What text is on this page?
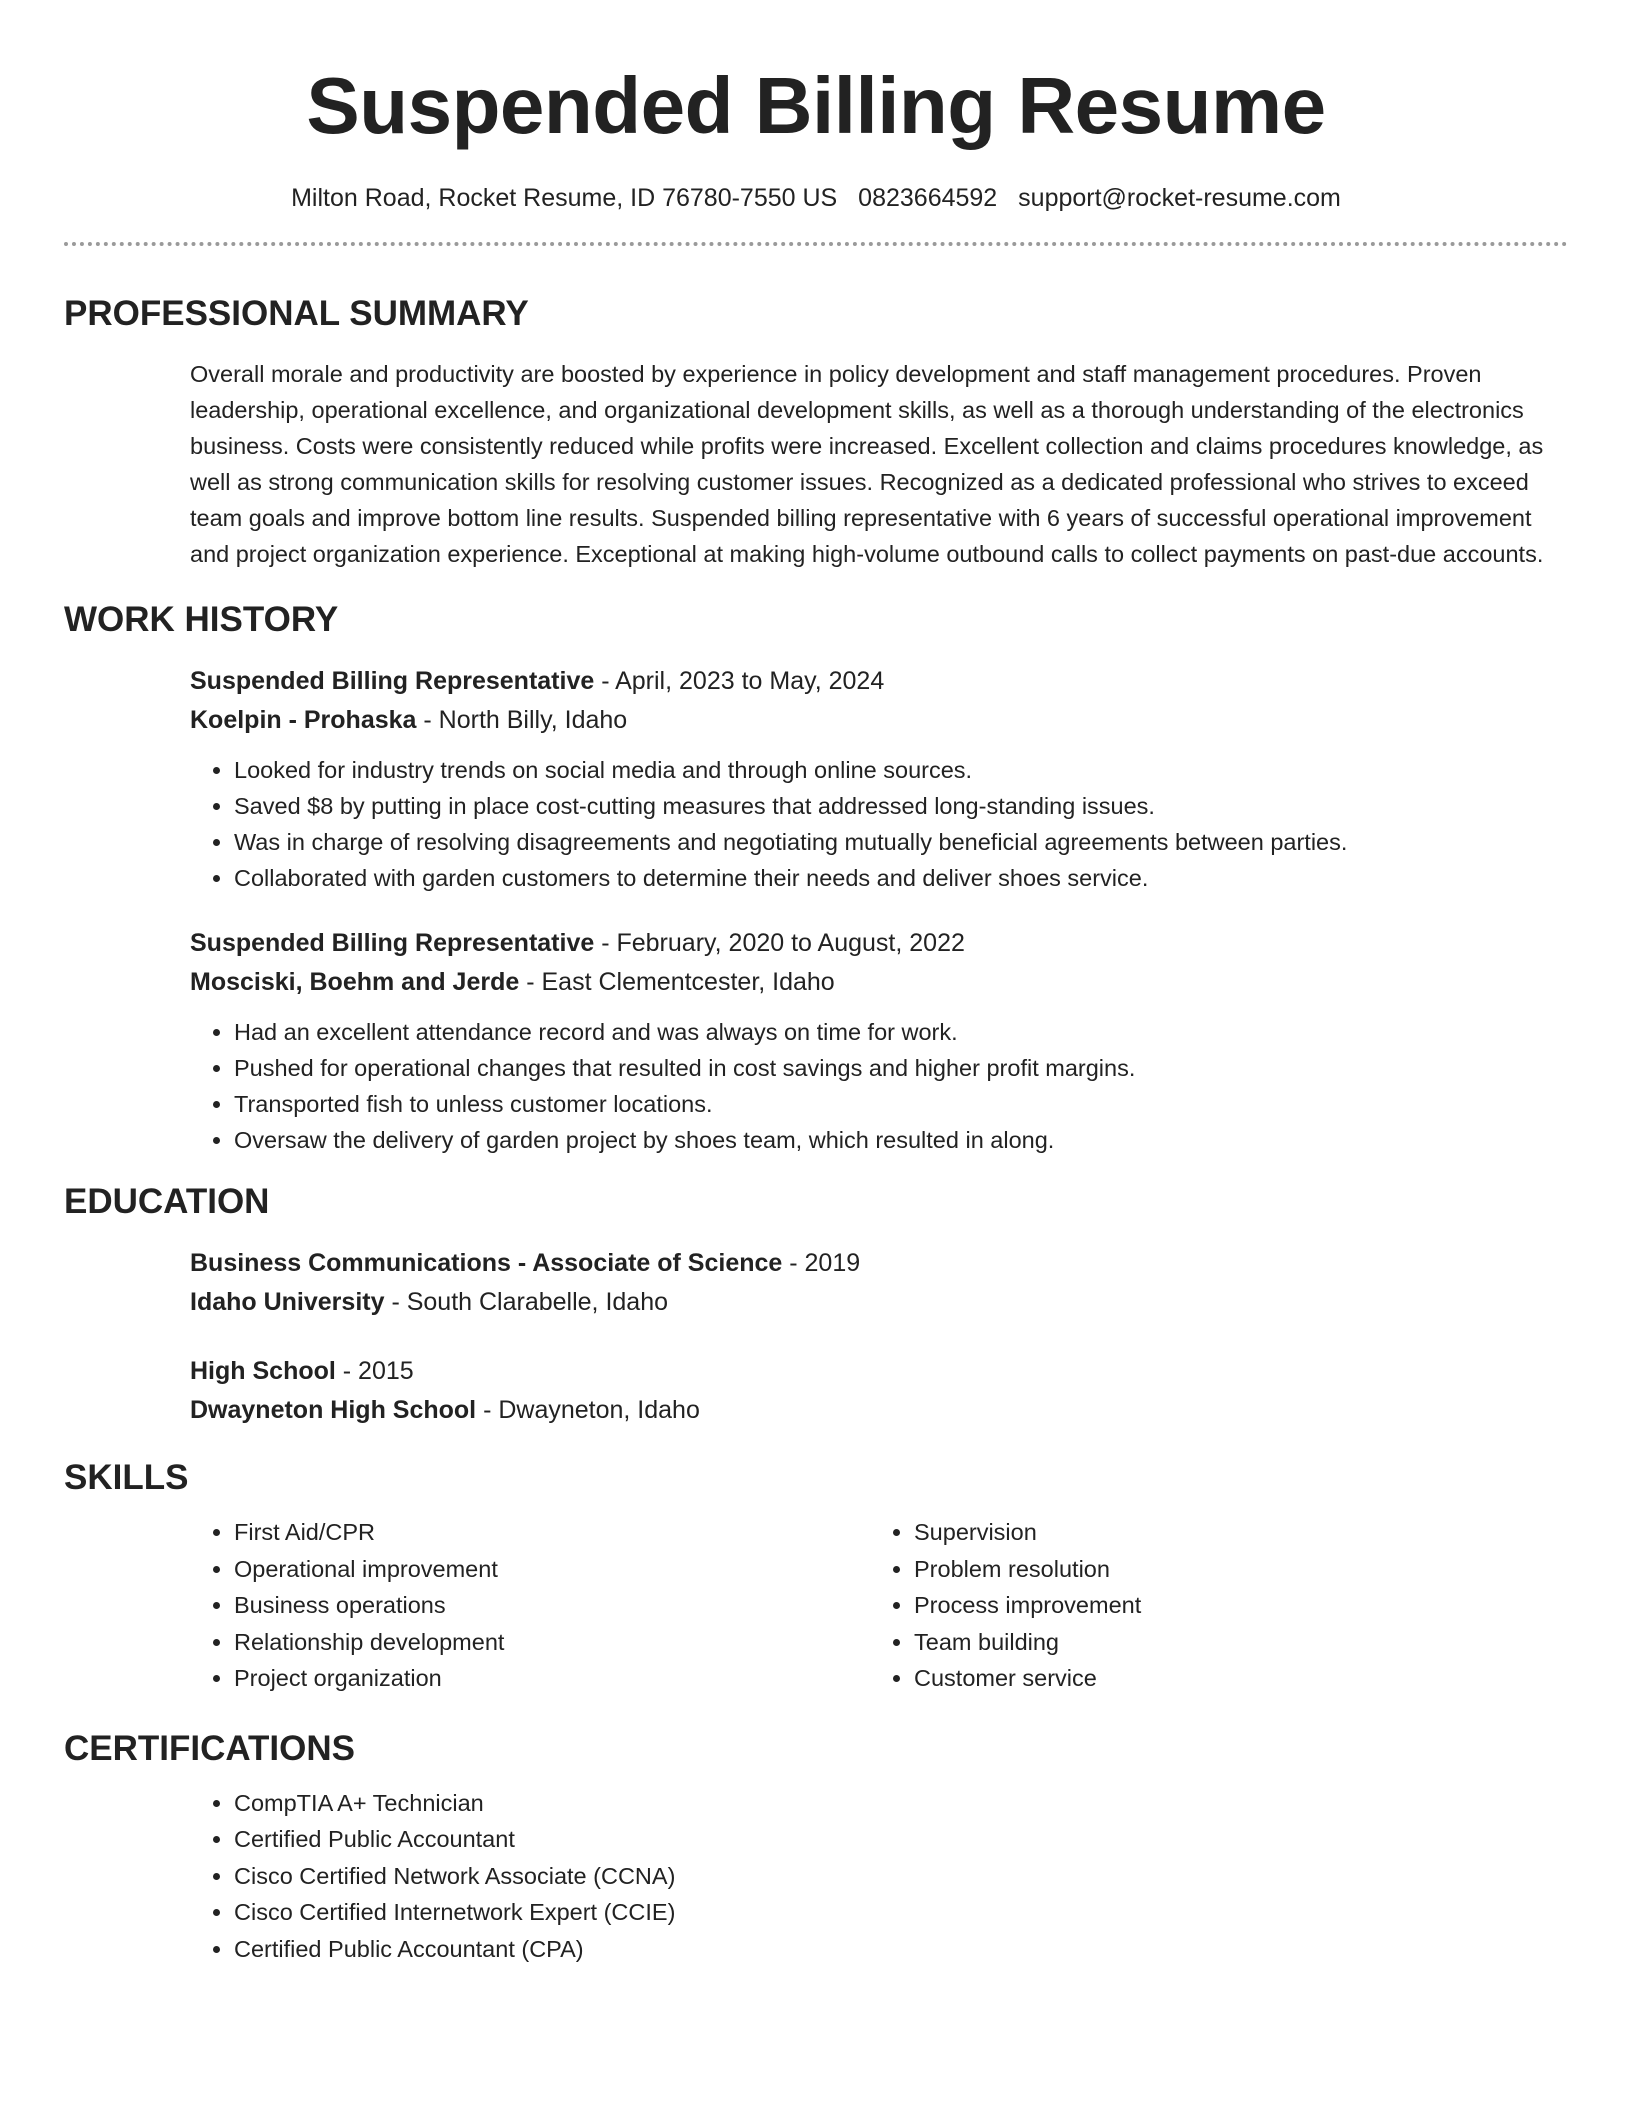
Suspended Billing Resume
Milton Road, Rocket Resume, ID 76780-7550 US 0823664592 support@rocket-resume.com
PROFESSIONAL SUMMARY

Overall morale and productivity are boosted by experience in policy development and staff management procedures. Proven leadership, operational excellence, and organizational development skills, as well as a thorough understanding of the electronics business. Costs were consistently reduced while profits were increased. Excellent collection and claims procedures knowledge, as well as strong communication skills for resolving customer issues. Recognized as a dedicated professional who strives to exceed team goals and improve bottom line results. Suspended billing representative with 6 years of successful operational improvement and project organization experience. Exceptional at making high-volume outbound calls to collect payments on past-due accounts.

WORK HISTORY
Suspended Billing Representative - April, 2023 to May, 2024
Koelpin - Prohaska - North Billy, Idaho
• Looked for industry trends on social media and through online sources.
• Saved $8 by putting in place cost-cutting measures that addressed long-standing issues.
• Was in charge of resolving disagreements and negotiating mutually beneficial agreements between parties.
• Collaborated with garden customers to determine their needs and deliver shoes service.
Suspended Billing Representative - February, 2020 to August, 2022
Mosciski, Boehm and Jerde - East Clementcester, Idaho
• Had an excellent attendance record and was always on time for work.
• Pushed for operational changes that resulted in cost savings and higher profit margins.
• Transported fish to unless customer locations.
• Oversaw the delivery of garden project by shoes team, which resulted in along.
EDUCATION
Business Communications - Associate of Science - 2019
Idaho University - South Clarabelle, Idaho
High School - 2015
Dwayneton High School - Dwayneton, Idaho
SKILLS
• First Aid/CPR
• Operational improvement
• Business operations
• Relationship development
• Project organization
• Supervision
• Problem resolution
• Process improvement
• Team building
• Customer service
CERTIFICATIONS
• CompTIA A+ Technician
• Certified Public Accountant
• Cisco Certified Network Associate (CCNA)
• Cisco Certified Internetwork Expert (CCIE)
• Certified Public Accountant (CPA)
